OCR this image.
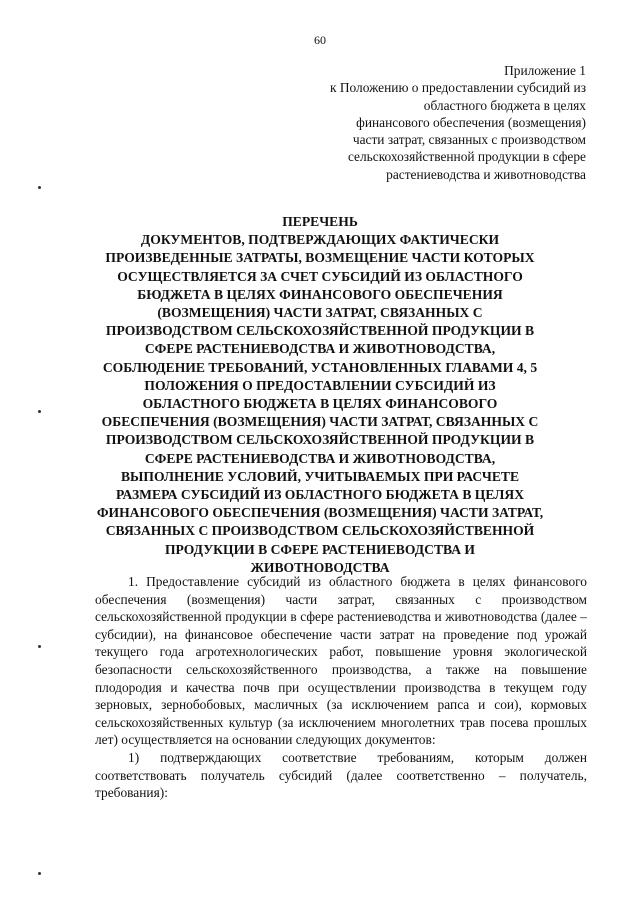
60
Приложение 1
к Положению о предоставлении субсидий из
областного бюджета в целях
финансового обеспечения (возмещения)
части затрат, связанных с производством
сельскохозяйственной продукции в сфере
растениеводства и животноводства
ПЕРЕЧЕНЬ
ДОКУМЕНТОВ, ПОДТВЕРЖДАЮЩИХ ФАКТИЧЕСКИ
ПРОИЗВЕДЕННЫЕ ЗАТРАТЫ, ВОЗМЕЩЕНИЕ ЧАСТИ КОТОРЫХ
ОСУЩЕСТВЛЯЕТСЯ ЗА СЧЕТ СУБСИДИЙ ИЗ ОБЛАСТНОГО
БЮДЖЕТА В ЦЕЛЯХ ФИНАНСОВОГО ОБЕСПЕЧЕНИЯ
(ВОЗМЕЩЕНИЯ) ЧАСТИ ЗАТРАТ, СВЯЗАННЫХ С
ПРОИЗВОДСТВОМ СЕЛЬСКОХОЗЯЙСТВЕННОЙ ПРОДУКЦИИ В
СФЕРЕ РАСТЕНИЕВОДСТВА И ЖИВОТНОВОДСТВА,
СОБЛЮДЕНИЕ ТРЕБОВАНИЙ, УСТАНОВЛЕННЫХ ГЛАВАМИ 4, 5
ПОЛОЖЕНИЯ О ПРЕДОСТАВЛЕНИИ СУБСИДИЙ ИЗ
ОБЛАСТНОГО БЮДЖЕТА В ЦЕЛЯХ ФИНАНСОВОГО
ОБЕСПЕЧЕНИЯ (ВОЗМЕЩЕНИЯ) ЧАСТИ ЗАТРАТ, СВЯЗАННЫХ С
ПРОИЗВОДСТВОМ СЕЛЬСКОХОЗЯЙСТВЕННОЙ ПРОДУКЦИИ В
СФЕРЕ РАСТЕНИЕВОДСТВА И ЖИВОТНОВОДСТВА,
ВЫПОЛНЕНИЕ УСЛОВИЙ, УЧИТЫВАЕМЫХ ПРИ РАСЧЕТЕ
РАЗМЕРА СУБСИДИЙ ИЗ ОБЛАСТНОГО БЮДЖЕТА В ЦЕЛЯХ
ФИНАНСОВОГО ОБЕСПЕЧЕНИЯ (ВОЗМЕЩЕНИЯ) ЧАСТИ ЗАТРАТ,
СВЯЗАННЫХ С ПРОИЗВОДСТВОМ СЕЛЬСКОХОЗЯЙСТВЕННОЙ
ПРОДУКЦИИ В СФЕРЕ РАСТЕНИЕВОДСТВА И
ЖИВОТНОВОДСТВА

1. Предоставление субсидий из областного бюджета в целях финансового обеспечения (возмещения) части затрат, связанных с производством сельскохозяйственной продукции в сфере растениеводства и животноводства (далее – субсидии), на финансовое обеспечение части затрат на проведение под урожай текущего года агротехнологических работ, повышение уровня экологической безопасности сельскохозяйственного производства, а также на повышение плодородия и качества почв при осуществлении производства в текущем году зерновых, зернобобовых, масличных (за исключением рапса и сои), кормовых сельскохозяйственных культур (за исключением многолетних трав посева прошлых лет) осуществляется на основании следующих документов:

1) подтверждающих соответствие требованиям, которым должен соответствовать получатель субсидий (далее соответственно – получатель, требования):
